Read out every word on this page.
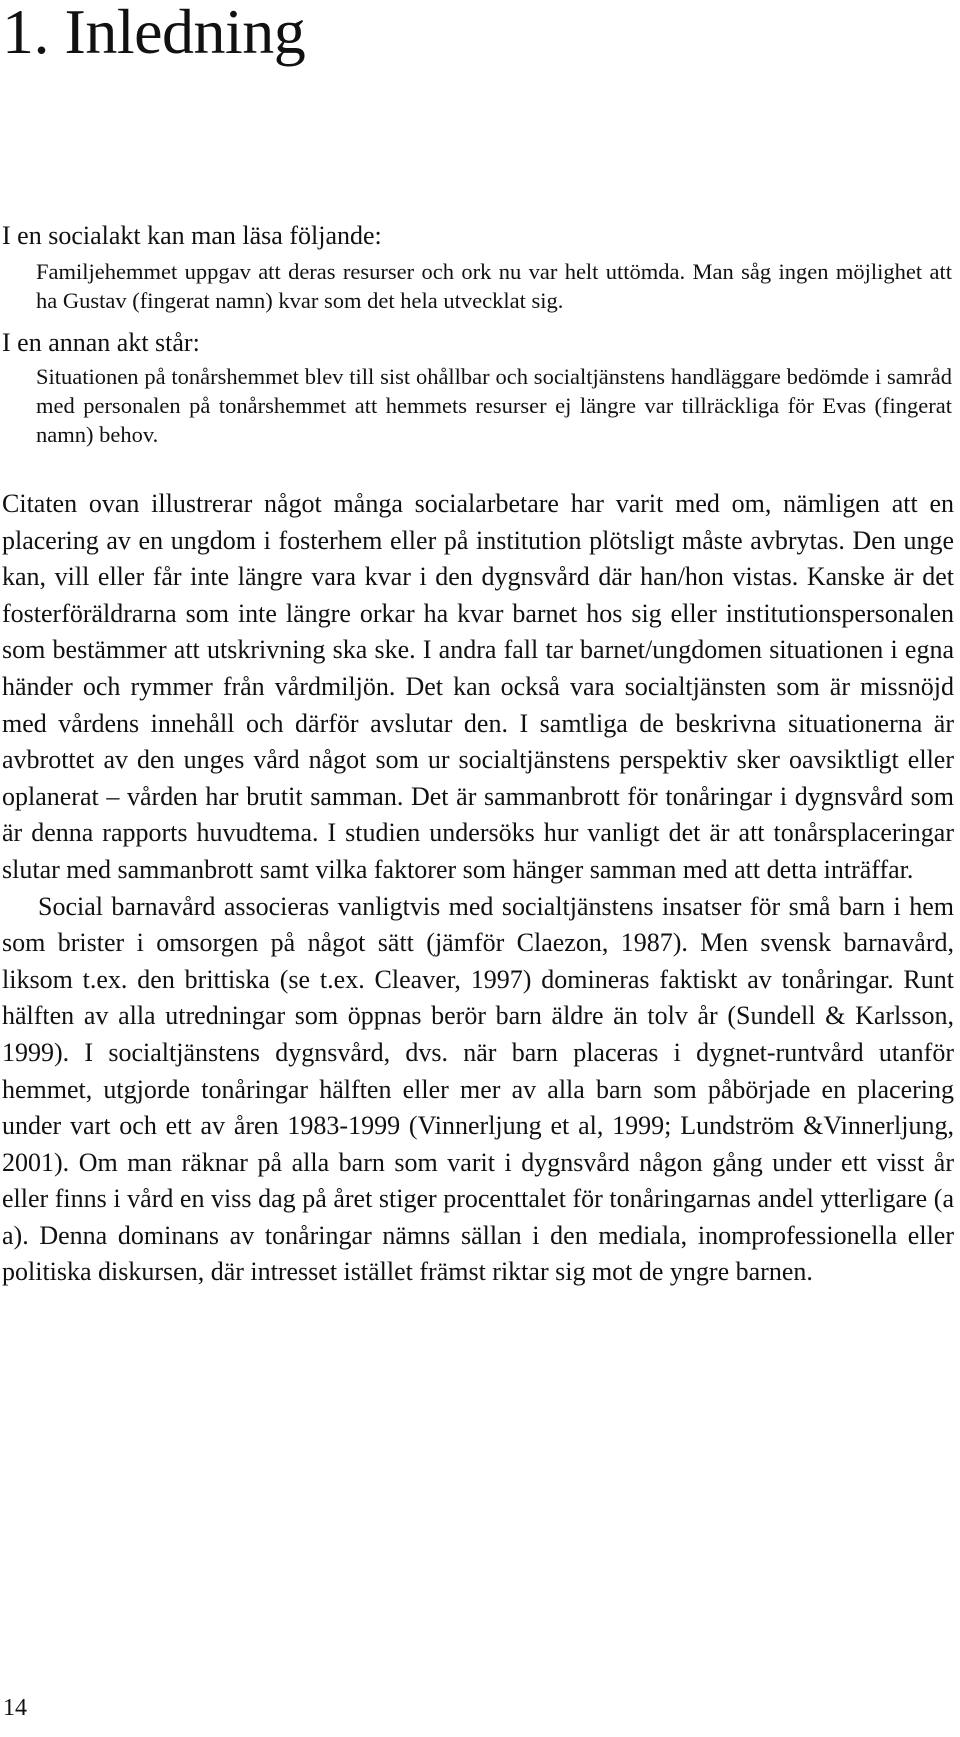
1. Inledning

I en socialakt kan man läsa följande:

Familjehemmet uppgav att deras resurser och ork nu var helt uttömda. Man såg ingen möjlighet att ha Gustav (fingerat namn) kvar som det hela utvecklat sig.

I en annan akt står:

Situationen på tonårshemmet blev till sist ohållbar och socialtjänstens handläggare bedömde i samråd med personalen på tonårshemmet att hemmets resurser ej längre var tillräckliga för Evas (fingerat namn) behov.

Citaten ovan illustrerar något många socialarbetare har varit med om, nämligen att en placering av en ungdom i fosterhem eller på institution plötsligt måste avbrytas. Den unge kan, vill eller får inte längre vara kvar i den dygnsvård där han/hon vistas. Kanske är det fosterföräldrarna som inte längre orkar ha kvar barnet hos sig eller institutionspersonalen som bestämmer att utskrivning ska ske. I andra fall tar barnet/ungdomen situationen i egna händer och rymmer från vårdmiljön. Det kan också vara socialtjänsten som är missnöjd med vårdens innehåll och därför avslutar den. I samtliga de beskrivna situationerna är avbrottet av den unges vård något som ur socialtjänstens perspektiv sker oavsiktligt eller oplanerat – vården har brutit samman. Det är sammanbrott för tonåringar i dygnsvård som är denna rapports huvudtema. I studien undersöks hur vanligt det är att tonårsplaceringar slutar med sammanbrott samt vilka faktorer som hänger samman med att detta inträffar.

Social barnavård associeras vanligtvis med socialtjänstens insatser för små barn i hem som brister i omsorgen på något sätt (jämför Claezon, 1987). Men svensk barnavård, liksom t.ex. den brittiska (se t.ex. Cleaver, 1997) domineras faktiskt av tonåringar. Runt hälften av alla utredningar som öppnas berör barn äldre än tolv år (Sundell & Karlsson, 1999). I socialtjänstens dygnsvård, dvs. när barn placeras i dygnet-runtvård utanför hemmet, utgjorde tonåringar hälften eller mer av alla barn som påbörjade en placering under vart och ett av åren 1983-1999 (Vinnerljung et al, 1999; Lundström &Vinnerljung, 2001). Om man räknar på alla barn som varit i dygnsvård någon gång under ett visst år eller finns i vård en viss dag på året stiger procenttalet för tonåringarnas andel ytterligare (a a). Denna dominans av tonåringar nämns sällan i den mediala, inomprofessionella eller politiska diskursen, där intresset istället främst riktar sig mot de yngre barnen.

14
